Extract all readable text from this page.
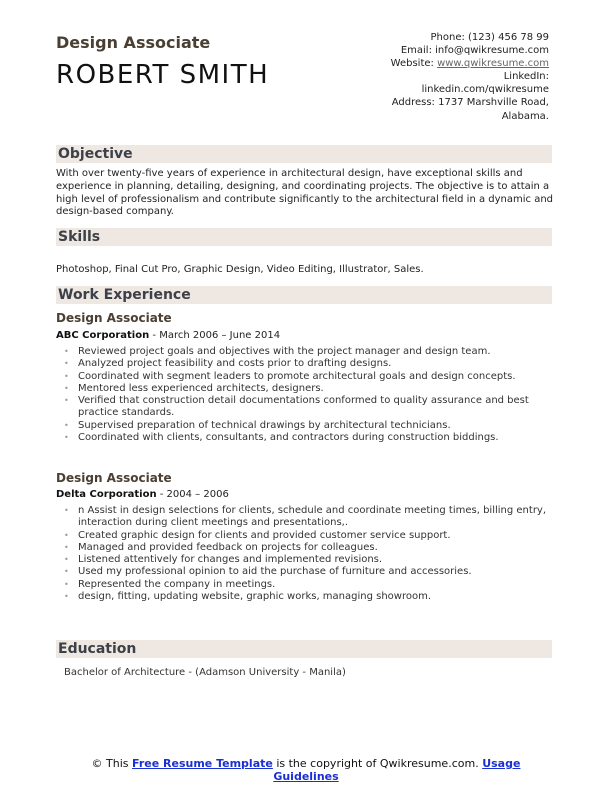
Design Associate
ROBERT SMITH
Phone: (123) 456 78 99
Email: info@qwikresume.com
Website: www.qwikresume.com
LinkedIn:
linkedin.com/qwikresume
Address: 1737 Marshville Road,
Alabama.
Objective
With over twenty-five years of experience in architectural design, have exceptional skills and experience in planning, detailing, designing, and coordinating projects. The objective is to attain a high level of professionalism and contribute significantly to the architectural field in a dynamic and design-based company.
Skills
Photoshop, Final Cut Pro, Graphic Design, Video Editing, Illustrator, Sales.
Work Experience
Design Associate
ABC Corporation - March 2006 – June 2014
• Reviewed project goals and objectives with the project manager and design team.
• Analyzed project feasibility and costs prior to drafting designs.
• Coordinated with segment leaders to promote architectural goals and design concepts.
• Mentored less experienced architects, designers.
• Verified that construction detail documentations conformed to quality assurance and best practice standards.
• Supervised preparation of technical drawings by architectural technicians.
• Coordinated with clients, consultants, and contractors during construction biddings.
Design Associate
Delta Corporation - 2004 – 2006
• n Assist in design selections for clients, schedule and coordinate meeting times, billing entry, interaction during client meetings and presentations,.
• Created graphic design for clients and provided customer service support.
• Managed and provided feedback on projects for colleagues.
• Listened attentively for changes and implemented revisions.
• Used my professional opinion to aid the purchase of furniture and accessories.
• Represented the company in meetings.
• design, fitting, updating website, graphic works, managing showroom.
Education
Bachelor of Architecture - (Adamson University - Manila)
© This Free Resume Template is the copyright of Qwikresume.com. Usage Guidelines
